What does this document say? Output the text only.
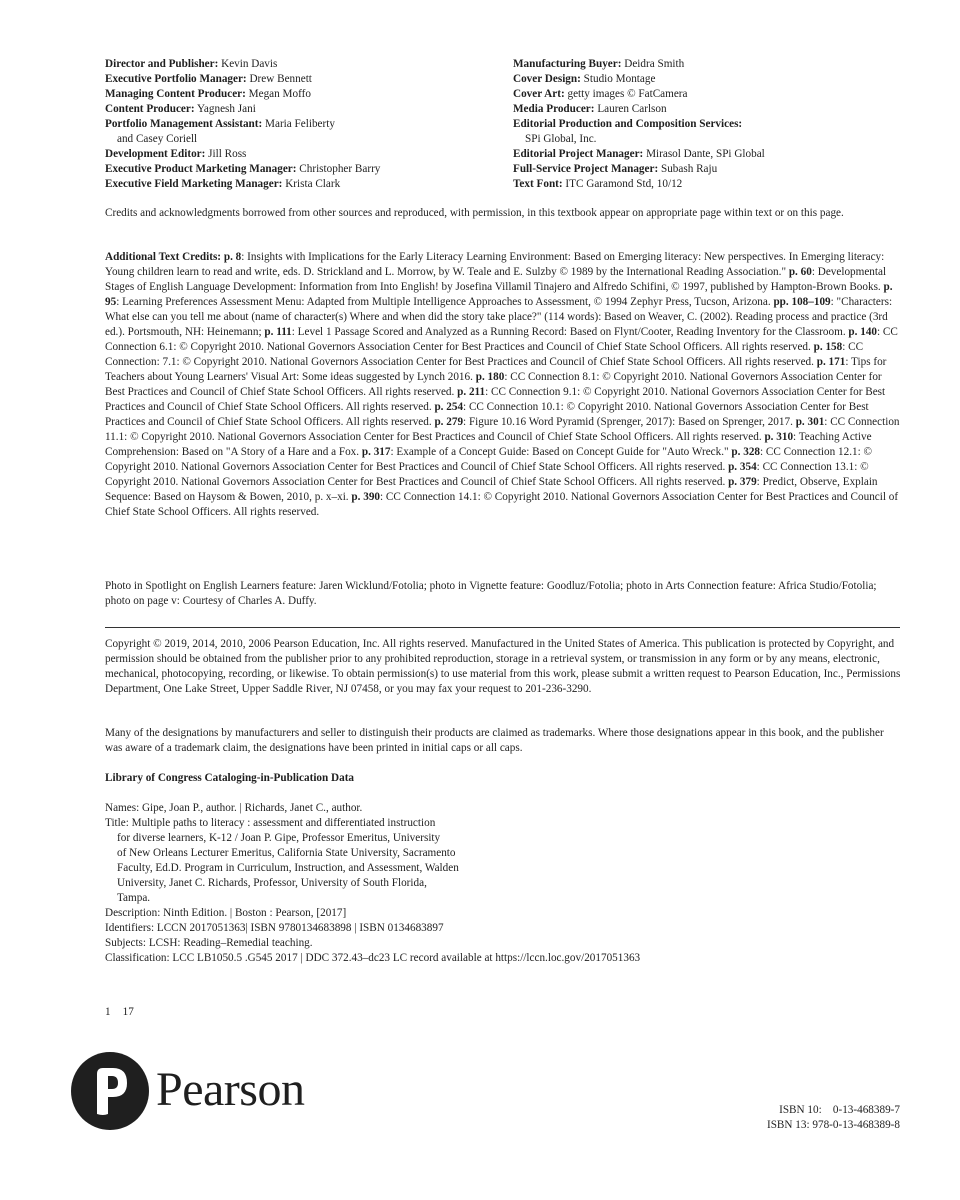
Director and Publisher: Kevin Davis
Executive Portfolio Manager: Drew Bennett
Managing Content Producer: Megan Moffo
Content Producer: Yagnesh Jani
Portfolio Management Assistant: Maria Feliberty
and Casey Coriell
Development Editor: Jill Ross
Executive Product Marketing Manager: Christopher Barry
Executive Field Marketing Manager: Krista Clark
Manufacturing Buyer: Deidra Smith
Cover Design: Studio Montage
Cover Art: getty images © FatCamera
Media Producer: Lauren Carlson
Editorial Production and Composition Services:
SPi Global, Inc.
Editorial Project Manager: Mirasol Dante, SPi Global
Full-Service Project Manager: Subash Raju
Text Font: ITC Garamond Std, 10/12

Credits and acknowledgments borrowed from other sources and reproduced, with permission, in this textbook appear on appropriate page within text or on this page.

Additional Text Credits: p. 8: Insights with Implications for the Early Literacy Learning Environment: Based on Emerging literacy: New perspectives. In Emerging literacy: Young children learn to read and write, eds. D. Strickland and L. Morrow, by W. Teale and E. Sulzby © 1989 by the International Reading Association." p. 60: Developmental Stages of English Language Development: Information from Into English! by Josefina Villamil Tinajero and Alfredo Schifini, © 1997, published by Hampton-Brown Books. p. 95: Learning Preferences Assessment Menu: Adapted from Multiple Intelligence Approaches to Assessment, © 1994 Zephyr Press, Tucson, Arizona. pp. 108–109: "Characters: What else can you tell me about (name of character(s) Where and when did the story take place?" (114 words): Based on Weaver, C. (2002). Reading process and practice (3rd ed.). Portsmouth, NH: Heinemann; p. 111: Level 1 Passage Scored and Analyzed as a Running Record: Based on Flynt/Cooter, Reading Inventory for the Classroom. p. 140: CC Connection 6.1: © Copyright 2010. National Governors Association Center for Best Practices and Council of Chief State School Officers. All rights reserved. p. 158: CC Connection: 7.1: © Copyright 2010. National Governors Association Center for Best Practices and Council of Chief State School Officers. All rights reserved. p. 171: Tips for Teachers about Young Learners' Visual Art: Some ideas suggested by Lynch 2016. p. 180: CC Connection 8.1: © Copyright 2010. National Governors Association Center for Best Practices and Council of Chief State School Officers. All rights reserved. p. 211: CC Connection 9.1: © Copyright 2010. National Governors Association Center for Best Practices and Council of Chief State School Officers. All rights reserved. p. 254: CC Connection 10.1: © Copyright 2010. National Governors Association Center for Best Practices and Council of Chief State School Officers. All rights reserved. p. 279: Figure 10.16 Word Pyramid (Sprenger, 2017): Based on Sprenger, 2017. p. 301: CC Connection 11.1: © Copyright 2010. National Governors Association Center for Best Practices and Council of Chief State School Officers. All rights reserved. p. 310: Teaching Active Comprehension: Based on "A Story of a Hare and a Fox. p. 317: Example of a Concept Guide: Based on Concept Guide for "Auto Wreck." p. 328: CC Connection 12.1: © Copyright 2010. National Governors Association Center for Best Practices and Council of Chief State School Officers. All rights reserved. p. 354: CC Connection 13.1: © Copyright 2010. National Governors Association Center for Best Practices and Council of Chief State School Officers. All rights reserved. p. 379: Predict, Observe, Explain Sequence: Based on Haysom & Bowen, 2010, p. x–xi. p. 390: CC Connection 14.1: © Copyright 2010. National Governors Association Center for Best Practices and Council of Chief State School Officers. All rights reserved.

Photo in Spotlight on English Learners feature: Jaren Wicklund/Fotolia; photo in Vignette feature: Goodluz/Fotolia; photo in Arts Connection feature: Africa Studio/Fotolia; photo on page v: Courtesy of Charles A. Duffy.

Copyright © 2019, 2014, 2010, 2006 Pearson Education, Inc. All rights reserved. Manufactured in the United States of America. This publication is protected by Copyright, and permission should be obtained from the publisher prior to any prohibited reproduction, storage in a retrieval system, or transmission in any form or by any means, electronic, mechanical, photocopying, recording, or likewise. To obtain permission(s) to use material from this work, please submit a written request to Pearson Education, Inc., Permissions Department, One Lake Street, Upper Saddle River, NJ 07458, or you may fax your request to 201-236-3290.

Many of the designations by manufacturers and seller to distinguish their products are claimed as trademarks. Where those designations appear in this book, and the publisher was aware of a trademark claim, the designations have been printed in initial caps or all caps.

Library of Congress Cataloging-in-Publication Data
Names: Gipe, Joan P., author. | Richards, Janet C., author.
Title: Multiple paths to literacy : assessment and differentiated instruction
for diverse learners, K-12 / Joan P. Gipe, Professor Emeritus, University
of New Orleans Lecturer Emeritus, California State University, Sacramento
Faculty, Ed.D. Program in Curriculum, Instruction, and Assessment, Walden
University, Janet C. Richards, Professor, University of South Florida,
Tampa.
Description: Ninth Edition. | Boston : Pearson, [2017]
Identifiers: LCCN 2017051363| ISBN 9780134683898 | ISBN 0134683897
Subjects: LCSH: Reading–Remedial teaching.
Classification: LCC LB1050.5 .G545 2017 | DDC 372.43–dc23 LC record available at https://lccn.loc.gov/2017051363
1 17
Pearson	ISBN 10: 0-13-468389-7
ISBN 13: 978-0-13-468389-8
